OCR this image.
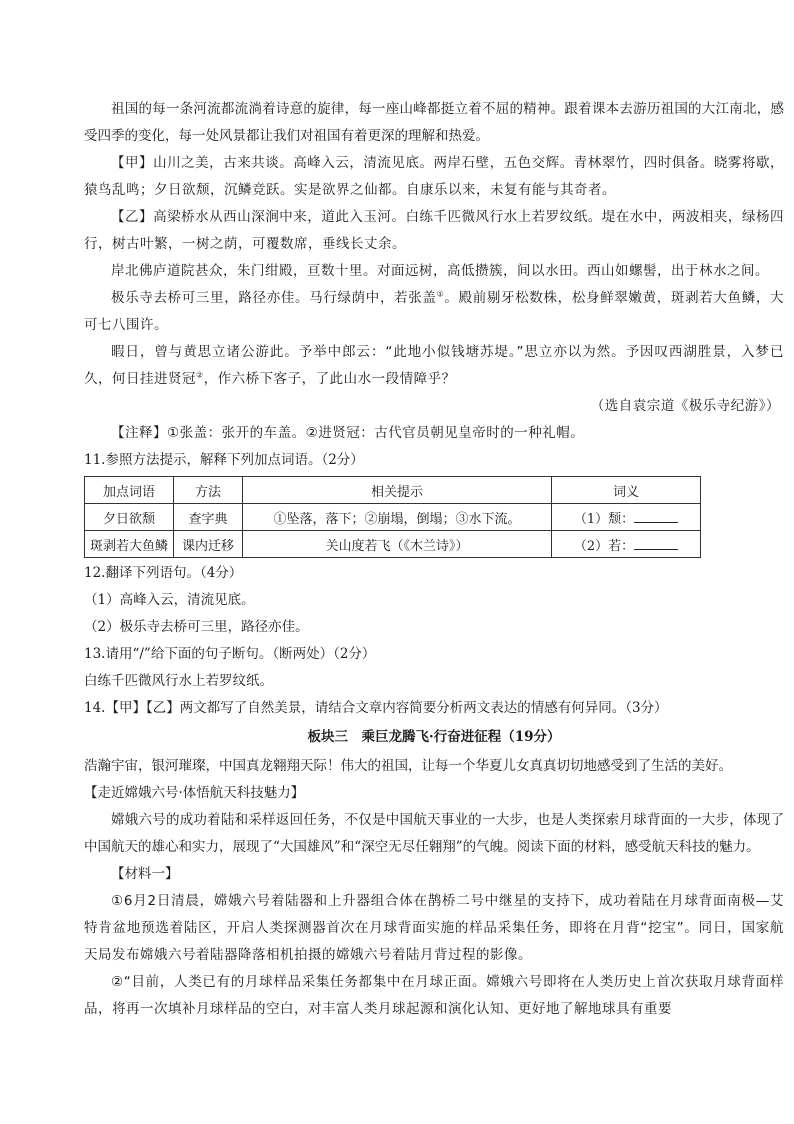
祖国的每一条河流都流淌着诗意的旋律，每一座山峰都挺立着不屈的精神。跟着课本去游历祖国的大江南北，感受四季的变化，每一处风景都让我们对祖国有着更深的理解和热爱。

【甲】山川之美，古来共谈。高峰入云，清流见底。两岸石壁，五色交辉。青林翠竹，四时俱备。晓雾将歇，猿鸟乱鸣；夕日欲颓，沉鳞竞跃。实是欲界之仙都。自康乐以来，未复有能与其奇者。

【乙】高梁桥水从西山深涧中来，道此入玉河。白练千匹微风行水上若罗纹纸。堤在水中，两波相夹，绿杨四行，树古叶繁，一树之荫，可覆数席，垂线长丈余。

岸北佛庐道院甚众，朱门绀殿，亘数十里。对面远树，高低攒簇，间以水田。西山如螺髻，出于林水之间。

极乐寺去桥可三里，路径亦佳。马行绿荫中，若张盖①。殿前剔牙松数株，松身鲜翠嫩黄，斑剥若大鱼鳞，大可七八围许。

暇日，曾与黄思立诸公游此。予举中郎云：“此地小似钱塘苏堤。”思立亦以为然。予因叹西湖胜景，入梦已久，何日挂进贤冠②，作六桥下客子，了此山水一段情障乎？

（选自袁宗道《极乐寺纪游》）

【注释】①张盖：张开的车盖。②进贤冠：古代官员朝见皇帝时的一种礼帽。

11.参照方法提示，解释下列加点词语。（2分）

加点词语	方法	相关提示	词义
夕日欲颓	查字典	①坠落，落下；②崩塌，倒塌；③水下流。	（1）颓：
斑剥若大鱼鳞	课内迁移	关山度若飞（《木兰诗》）	（2）若：

12.翻译下列语句。（4分）

（1）高峰入云，清流见底。

（2）极乐寺去桥可三里，路径亦佳。

13.请用“/”给下面的句子断句。（断两处）（2分）

白练千匹微风行水上若罗纹纸。

14.【甲】【乙】两文都写了自然美景，请结合文章内容简要分析两文表达的情感有何异同。（3分）

板块三　乘巨龙腾飞·行奋进征程（19分）

浩瀚宇宙，银河璀璨，中国真龙翱翔天际！伟大的祖国，让每一个华夏儿女真真切切地感受到了生活的美好。

【走近嫦娥六号·体悟航天科技魅力】

嫦娥六号的成功着陆和采样返回任务，不仅是中国航天事业的一大步，也是人类探索月球背面的一大步，体现了中国航天的雄心和实力，展现了“大国雄风”和“深空无尽任翱翔”的气魄。阅读下面的材料，感受航天科技的魅力。

【材料一】

①6月2日清晨，嫦娥六号着陆器和上升器组合体在鹊桥二号中继星的支持下，成功着陆在月球背面南极—艾特肯盆地预选着陆区，开启人类探测器首次在月球背面实施的样品采集任务，即将在月背“挖宝”。同日，国家航天局发布嫦娥六号着陆器降落相机拍摄的嫦娥六号着陆月背过程的影像。

②“目前，人类已有的月球样品采集任务都集中在月球正面。嫦娥六号即将在人类历史上首次获取月球背面样品，将再一次填补月球样品的空白，对丰富人类月球起源和演化认知、更好地了解地球具有重要
